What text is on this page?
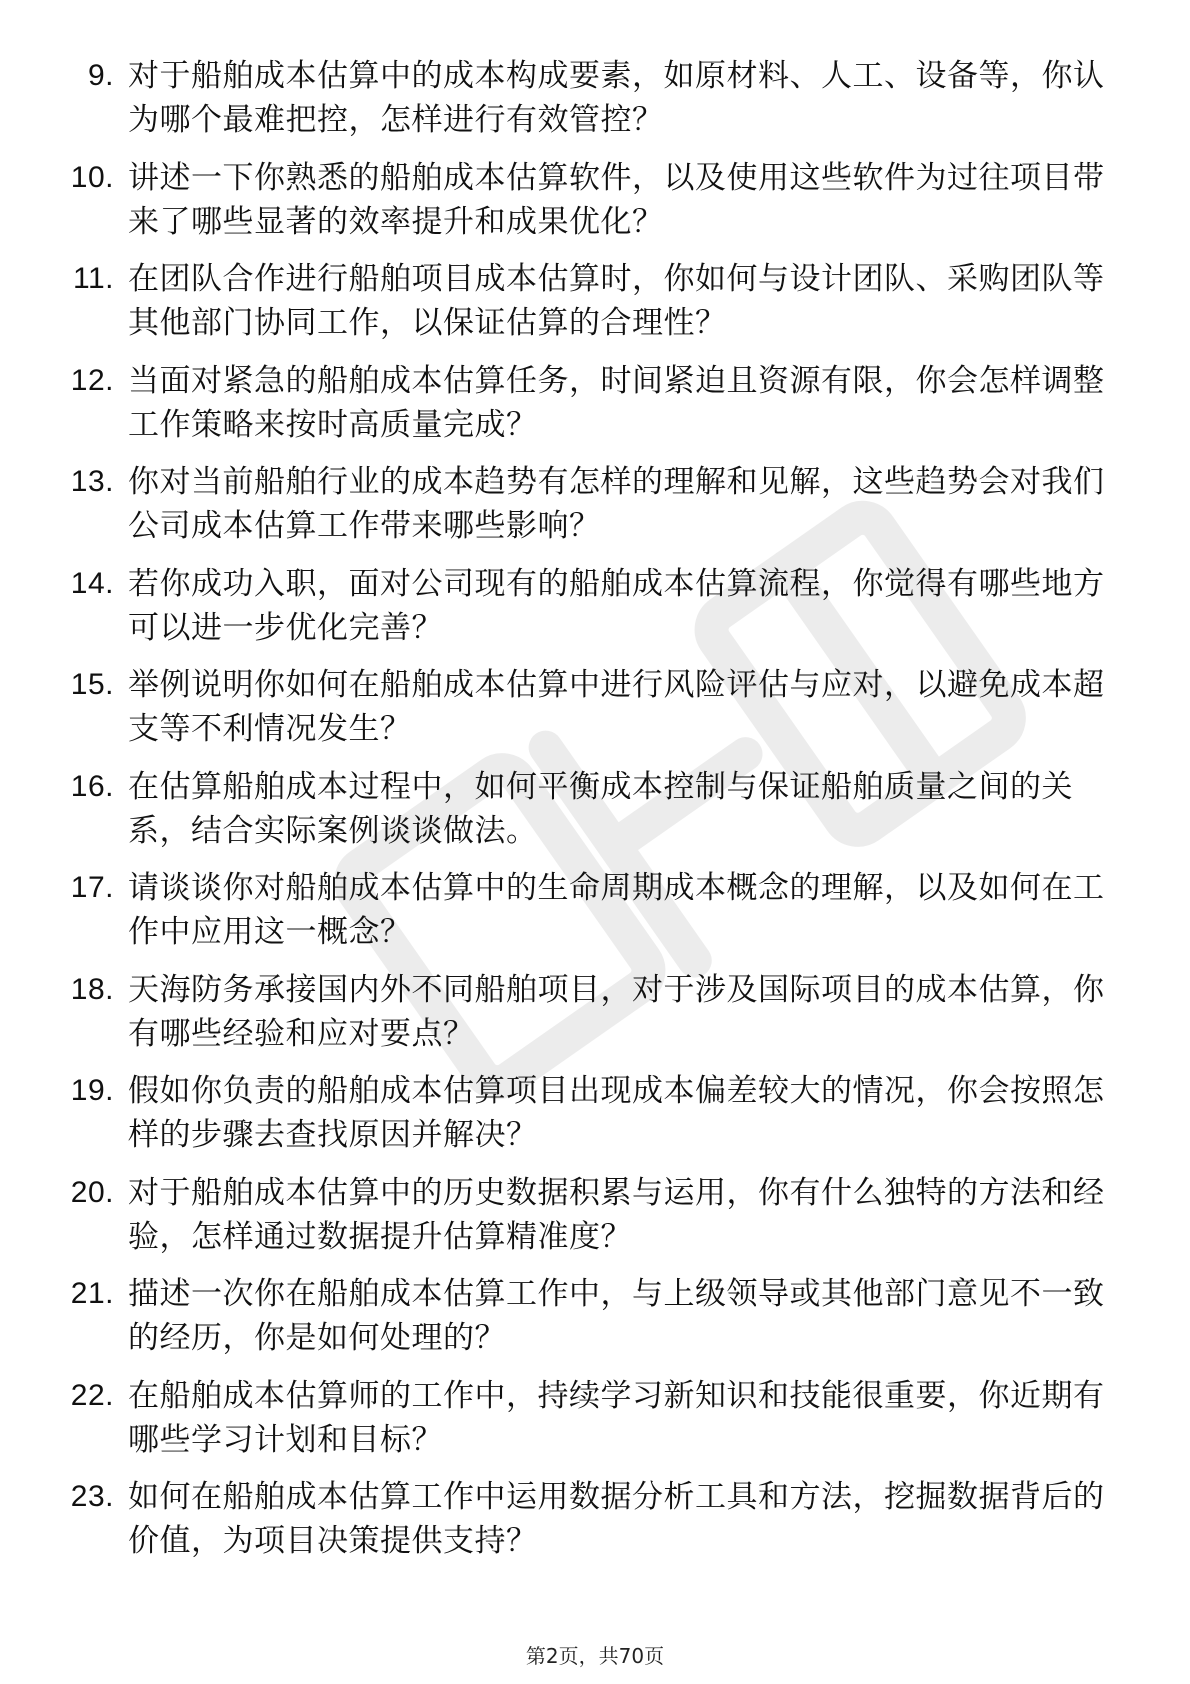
9. 对于船舶成本估算中的成本构成要素，如原材料、人工、设备等，你认为哪个最难把控，怎样进行有效管控？
10. 讲述一下你熟悉的船舶成本估算软件，以及使用这些软件为过往项目带来了哪些显著的效率提升和成果优化？
11. 在团队合作进行船舶项目成本估算时，你如何与设计团队、采购团队等其他部门协同工作，以保证估算的合理性？
12. 当面对紧急的船舶成本估算任务，时间紧迫且资源有限，你会怎样调整工作策略来按时高质量完成？
13. 你对当前船舶行业的成本趋势有怎样的理解和见解，这些趋势会对我们公司成本估算工作带来哪些影响？
14. 若你成功入职，面对公司现有的船舶成本估算流程，你觉得有哪些地方可以进一步优化完善？
15. 举例说明你如何在船舶成本估算中进行风险评估与应对，以避免成本超支等不利情况发生？
16. 在估算船舶成本过程中，如何平衡成本控制与保证船舶质量之间的关系，结合实际案例谈谈做法。
17. 请谈谈你对船舶成本估算中的生命周期成本概念的理解，以及如何在工作中应用这一概念？
18. 天海防务承接国内外不同船舶项目，对于涉及国际项目的成本估算，你有哪些经验和应对要点？
19. 假如你负责的船舶成本估算项目出现成本偏差较大的情况，你会按照怎样的步骤去查找原因并解决？
20. 对于船舶成本估算中的历史数据积累与运用，你有什么独特的方法和经验，怎样通过数据提升估算精准度？
21. 描述一次你在船舶成本估算工作中，与上级领导或其他部门意见不一致的经历，你是如何处理的？
22. 在船舶成本估算师的工作中，持续学习新知识和技能很重要，你近期有哪些学习计划和目标？
23. 如何在船舶成本估算工作中运用数据分析工具和方法，挖掘数据背后的价值，为项目决策提供支持？
第2页，共70页
